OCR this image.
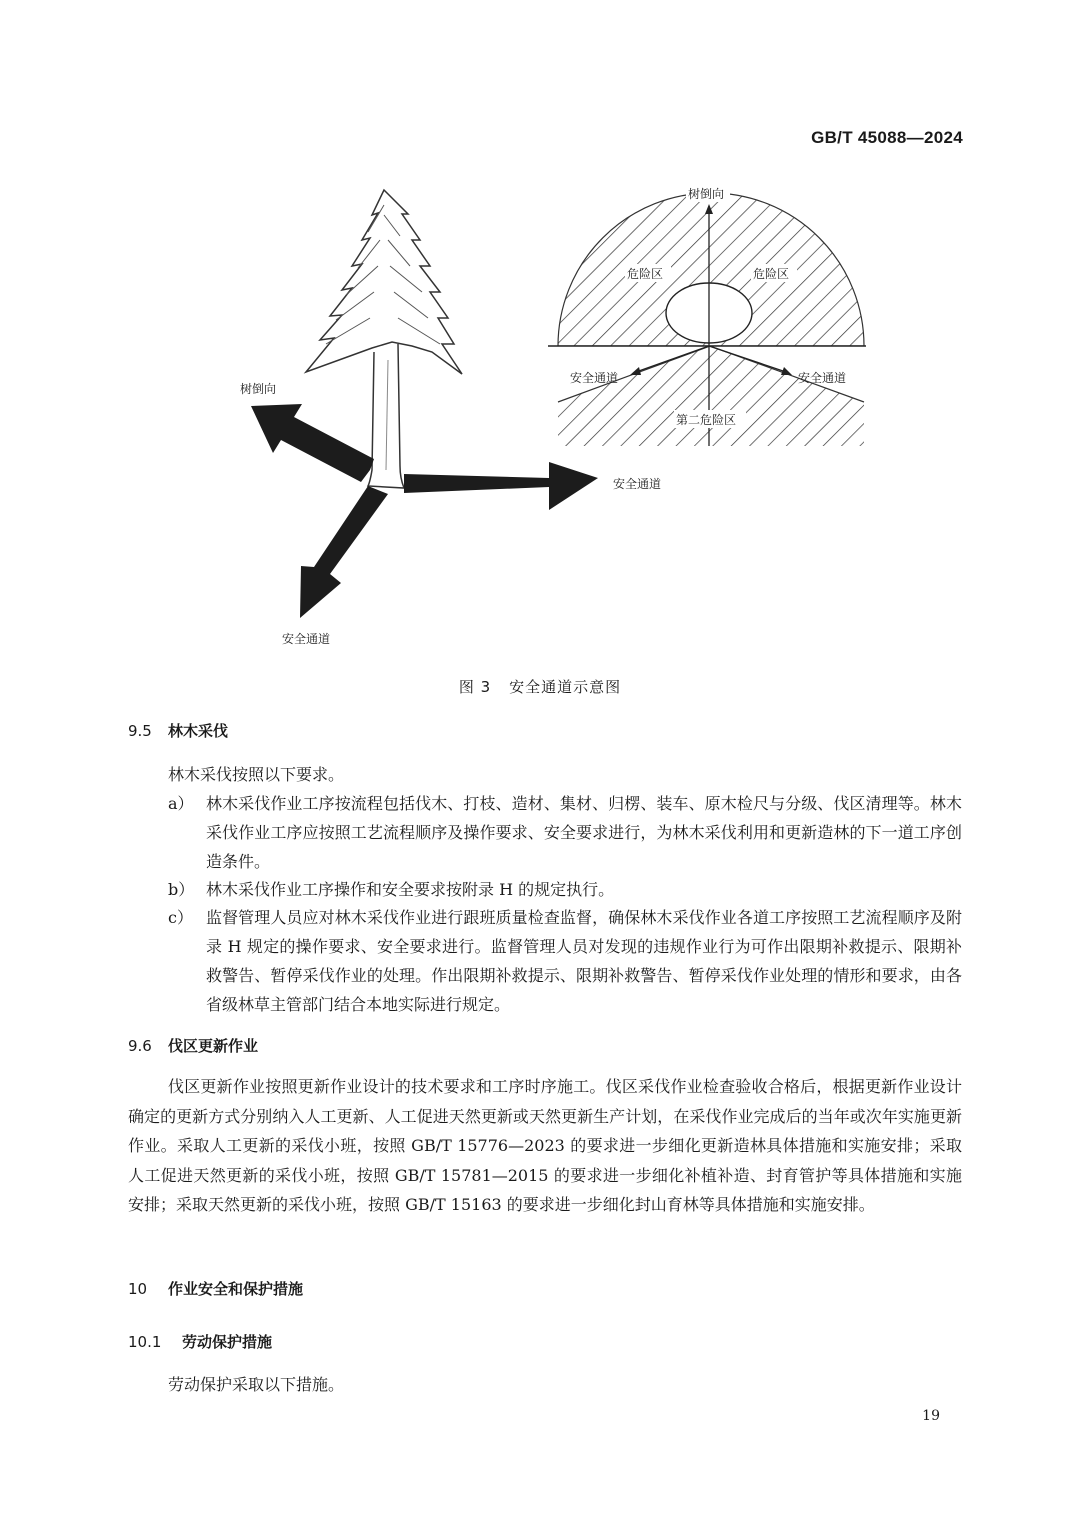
GB/T 45088—2024
树倒向
安全通道
安全通道
树倒向
危险区	危险区
安全通道	安全通道
第二危险区
图 3 安全通道示意图
9.5 林木采伐
林木采伐按照以下要求。
a） 林木采伐作业工序按流程包括伐木、打枝、造材、集材、归楞、装车、原木检尺与分级、伐区清理等。林木采伐作业工序应按照工艺流程顺序及操作要求、安全要求进行，为林木采伐利用和更新造林的下一道工序创造条件。
b） 林木采伐作业工序操作和安全要求按附录 H 的规定执行。
c） 监督管理人员应对林木采伐作业进行跟班质量检查监督，确保林木采伐作业各道工序按照工艺流程顺序及附录 H 规定的操作要求、安全要求进行。监督管理人员对发现的违规作业行为可作出限期补救提示、限期补救警告、暂停采伐作业的处理。作出限期补救提示、限期补救警告、暂停采伐作业处理的情形和要求，由各省级林草主管部门结合本地实际进行规定。
9.6 伐区更新作业
伐区更新作业按照更新作业设计的技术要求和工序时序施工。伐区采伐作业检查验收合格后，根据更新作业设计确定的更新方式分别纳入人工更新、人工促进天然更新或天然更新生产计划，在采伐作业完成后的当年或次年实施更新作业。采取人工更新的采伐小班，按照 GB/T 15776—2023 的要求进一步细化更新造林具体措施和实施安排；采取人工促进天然更新的采伐小班，按照 GB/T 15781—2015 的要求进一步细化补植补造、封育管护等具体措施和实施安排；采取天然更新的采伐小班，按照 GB/T 15163 的要求进一步细化封山育林等具体措施和实施安排。
10 作业安全和保护措施
10.1 劳动保护措施
劳动保护采取以下措施。
19
